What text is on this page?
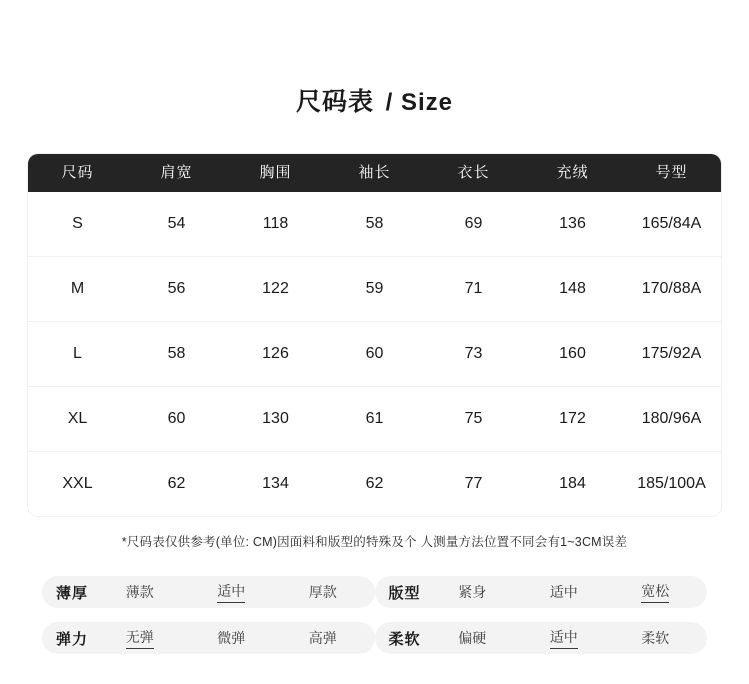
尺码表 / Size
尺码	肩宽	胸围	袖长	衣长	充绒	号型
S	54	118	58	69	136	165/84A
M	56	122	59	71	148	170/88A
L	58	126	60	73	160	175/92A
XL	60	130	61	75	172	180/96A
XXL	62	134	62	77	184	185/100A
*尺码表仅供参考(单位: CM)因面料和版型的特殊及个 人测量方法位置不同会有1~3CM误差
薄厚	薄款	适中	厚款	版型	紧身	适中	宽松
弹力	无弹	微弹	高弹	柔软	偏硬	适中	柔软
